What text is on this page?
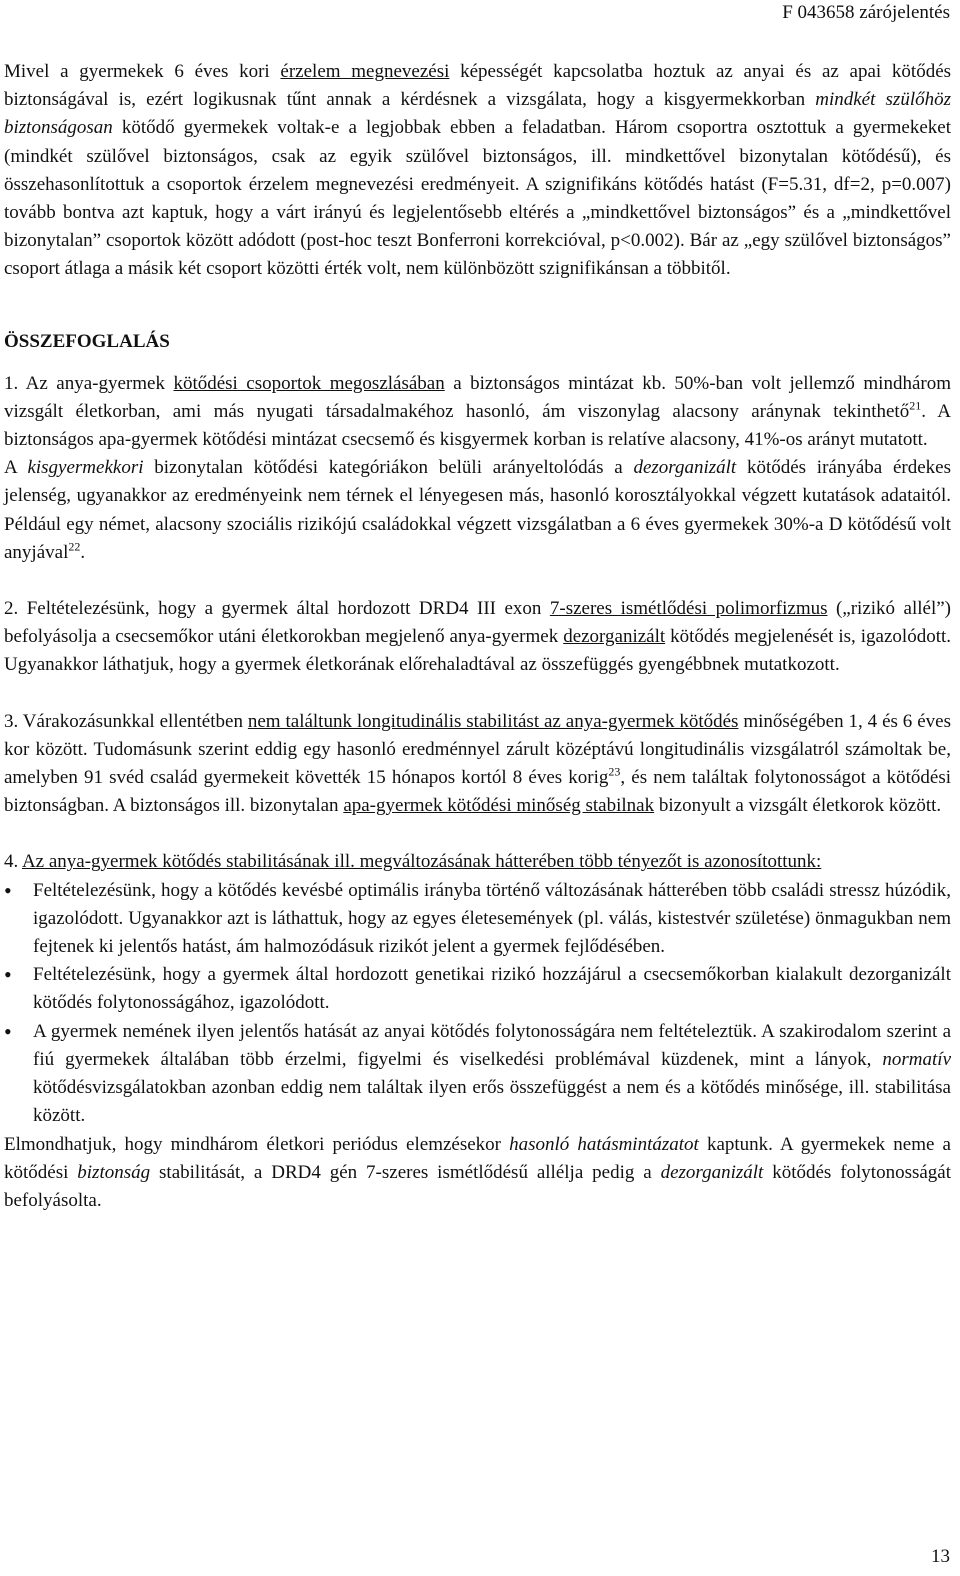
F 043658 zárójelentés

Mivel a gyermekek 6 éves kori érzelem megnevezési képességét kapcsolatba hoztuk az anyai és az apai kötődés biztonságával is, ezért logikusnak tűnt annak a kérdésnek a vizsgálata, hogy a kisgyermekkorban mindkét szülőhöz biztonságosan kötődő gyermekek voltak-e a legjobbak ebben a feladatban. Három csoportra osztottuk a gyermekeket (mindkét szülővel biztonságos, csak az egyik szülővel biztonságos, ill. mindkettővel bizonytalan kötődésű), és összehasonlítottuk a csoportok érzelem megnevezési eredményeit. A szignifikáns kötődés hatást (F=5.31, df=2, p=0.007) tovább bontva azt kaptuk, hogy a várt irányú és legjelentősebb eltérés a „mindkettővel biztonságos” és a „mindkettővel bizonytalan” csoportok között adódott (post-hoc teszt Bonferroni korrekcióval, p<0.002). Bár az „egy szülővel biztonságos” csoport átlaga a másik két csoport közötti érték volt, nem különbözött szignifikánsan a többitől.

ÖSSZEFOGLALÁS

1. Az anya-gyermek kötődési csoportok megoszlásában a biztonságos mintázat kb. 50%-ban volt jellemző mindhárom vizsgált életkorban, ami más nyugati társadalmakéhoz hasonló, ám viszonylag alacsony aránynak tekinthető$^{21}$. A biztonságos apa-gyermek kötődési mintázat csecsemő és kisgyermek korban is relatíve alacsony, 41%-os arányt mutatott.

A kisgyermekkori bizonytalan kötődési kategóriákon belüli arányeltolódás a dezorganizált kötődés irányába érdekes jelenség, ugyanakkor az eredményeink nem térnek el lényegesen más, hasonló korosztályokkal végzett kutatások adataitól. Például egy német, alacsony szociális rizikójú családokkal végzett vizsgálatban a 6 éves gyermekek 30%-a D kötődésű volt anyjával$^{22}$.

2. Feltételezésünk, hogy a gyermek által hordozott DRD4 III exon 7-szeres ismétlődési polimorfizmus („rizikó allél”) befolyásolja a csecsemőkor utáni életkorokban megjelenő anya-gyermek dezorganizált kötődés megjelenését is, igazolódott. Ugyanakkor láthatjuk, hogy a gyermek életkorának előrehaladtával az összefüggés gyengébbnek mutatkozott.

3. Várakozásunkkal ellentétben nem találtunk longitudinális stabilitást az anya-gyermek kötődés minőségében 1, 4 és 6 éves kor között. Tudomásunk szerint eddig egy hasonló eredménnyel zárult középtávú longitudinális vizsgálatról számoltak be, amelyben 91 svéd család gyermekeit követték 15 hónapos kortól 8 éves korig$^{23}$, és nem találtak folytonosságot a kötődési biztonságban. A biztonságos ill. bizonytalan apa-gyermek kötődési minőség stabilnak bizonyult a vizsgált életkorok között.

4. Az anya-gyermek kötődés stabilitásának ill. megváltozásának hátterében több tényezőt is azonosítottunk:

• Feltételezésünk, hogy a kötődés kevésbé optimális irányba történő változásának hátterében több családi stressz húzódik, igazolódott. Ugyanakkor azt is láthattuk, hogy az egyes életesemények (pl. válás, kistestvér születése) önmagukban nem fejtenek ki jelentős hatást, ám halmozódásuk rizikót jelent a gyermek fejlődésében.
• Feltételezésünk, hogy a gyermek által hordozott genetikai rizikó hozzájárul a csecsemőkorban kialakult dezorganizált kötődés folytonosságához, igazolódott.
• A gyermek nemének ilyen jelentős hatását az anyai kötődés folytonosságára nem feltételeztük. A szakirodalom szerint a fiú gyermekek általában több érzelmi, figyelmi és viselkedési problémával küzdenek, mint a lányok, normatív kötődésvizsgálatokban azonban eddig nem találtak ilyen erős összefüggést a nem és a kötődés minősége, ill. stabilitása között.

Elmondhatjuk, hogy mindhárom életkori periódus elemzésekor hasonló hatásmintázatot kaptunk. A gyermekek neme a kötődési biztonság stabilitását, a DRD4 gén 7-szeres ismétlődésű allélja pedig a dezorganizált kötődés folytonosságát befolyásolta.

13
